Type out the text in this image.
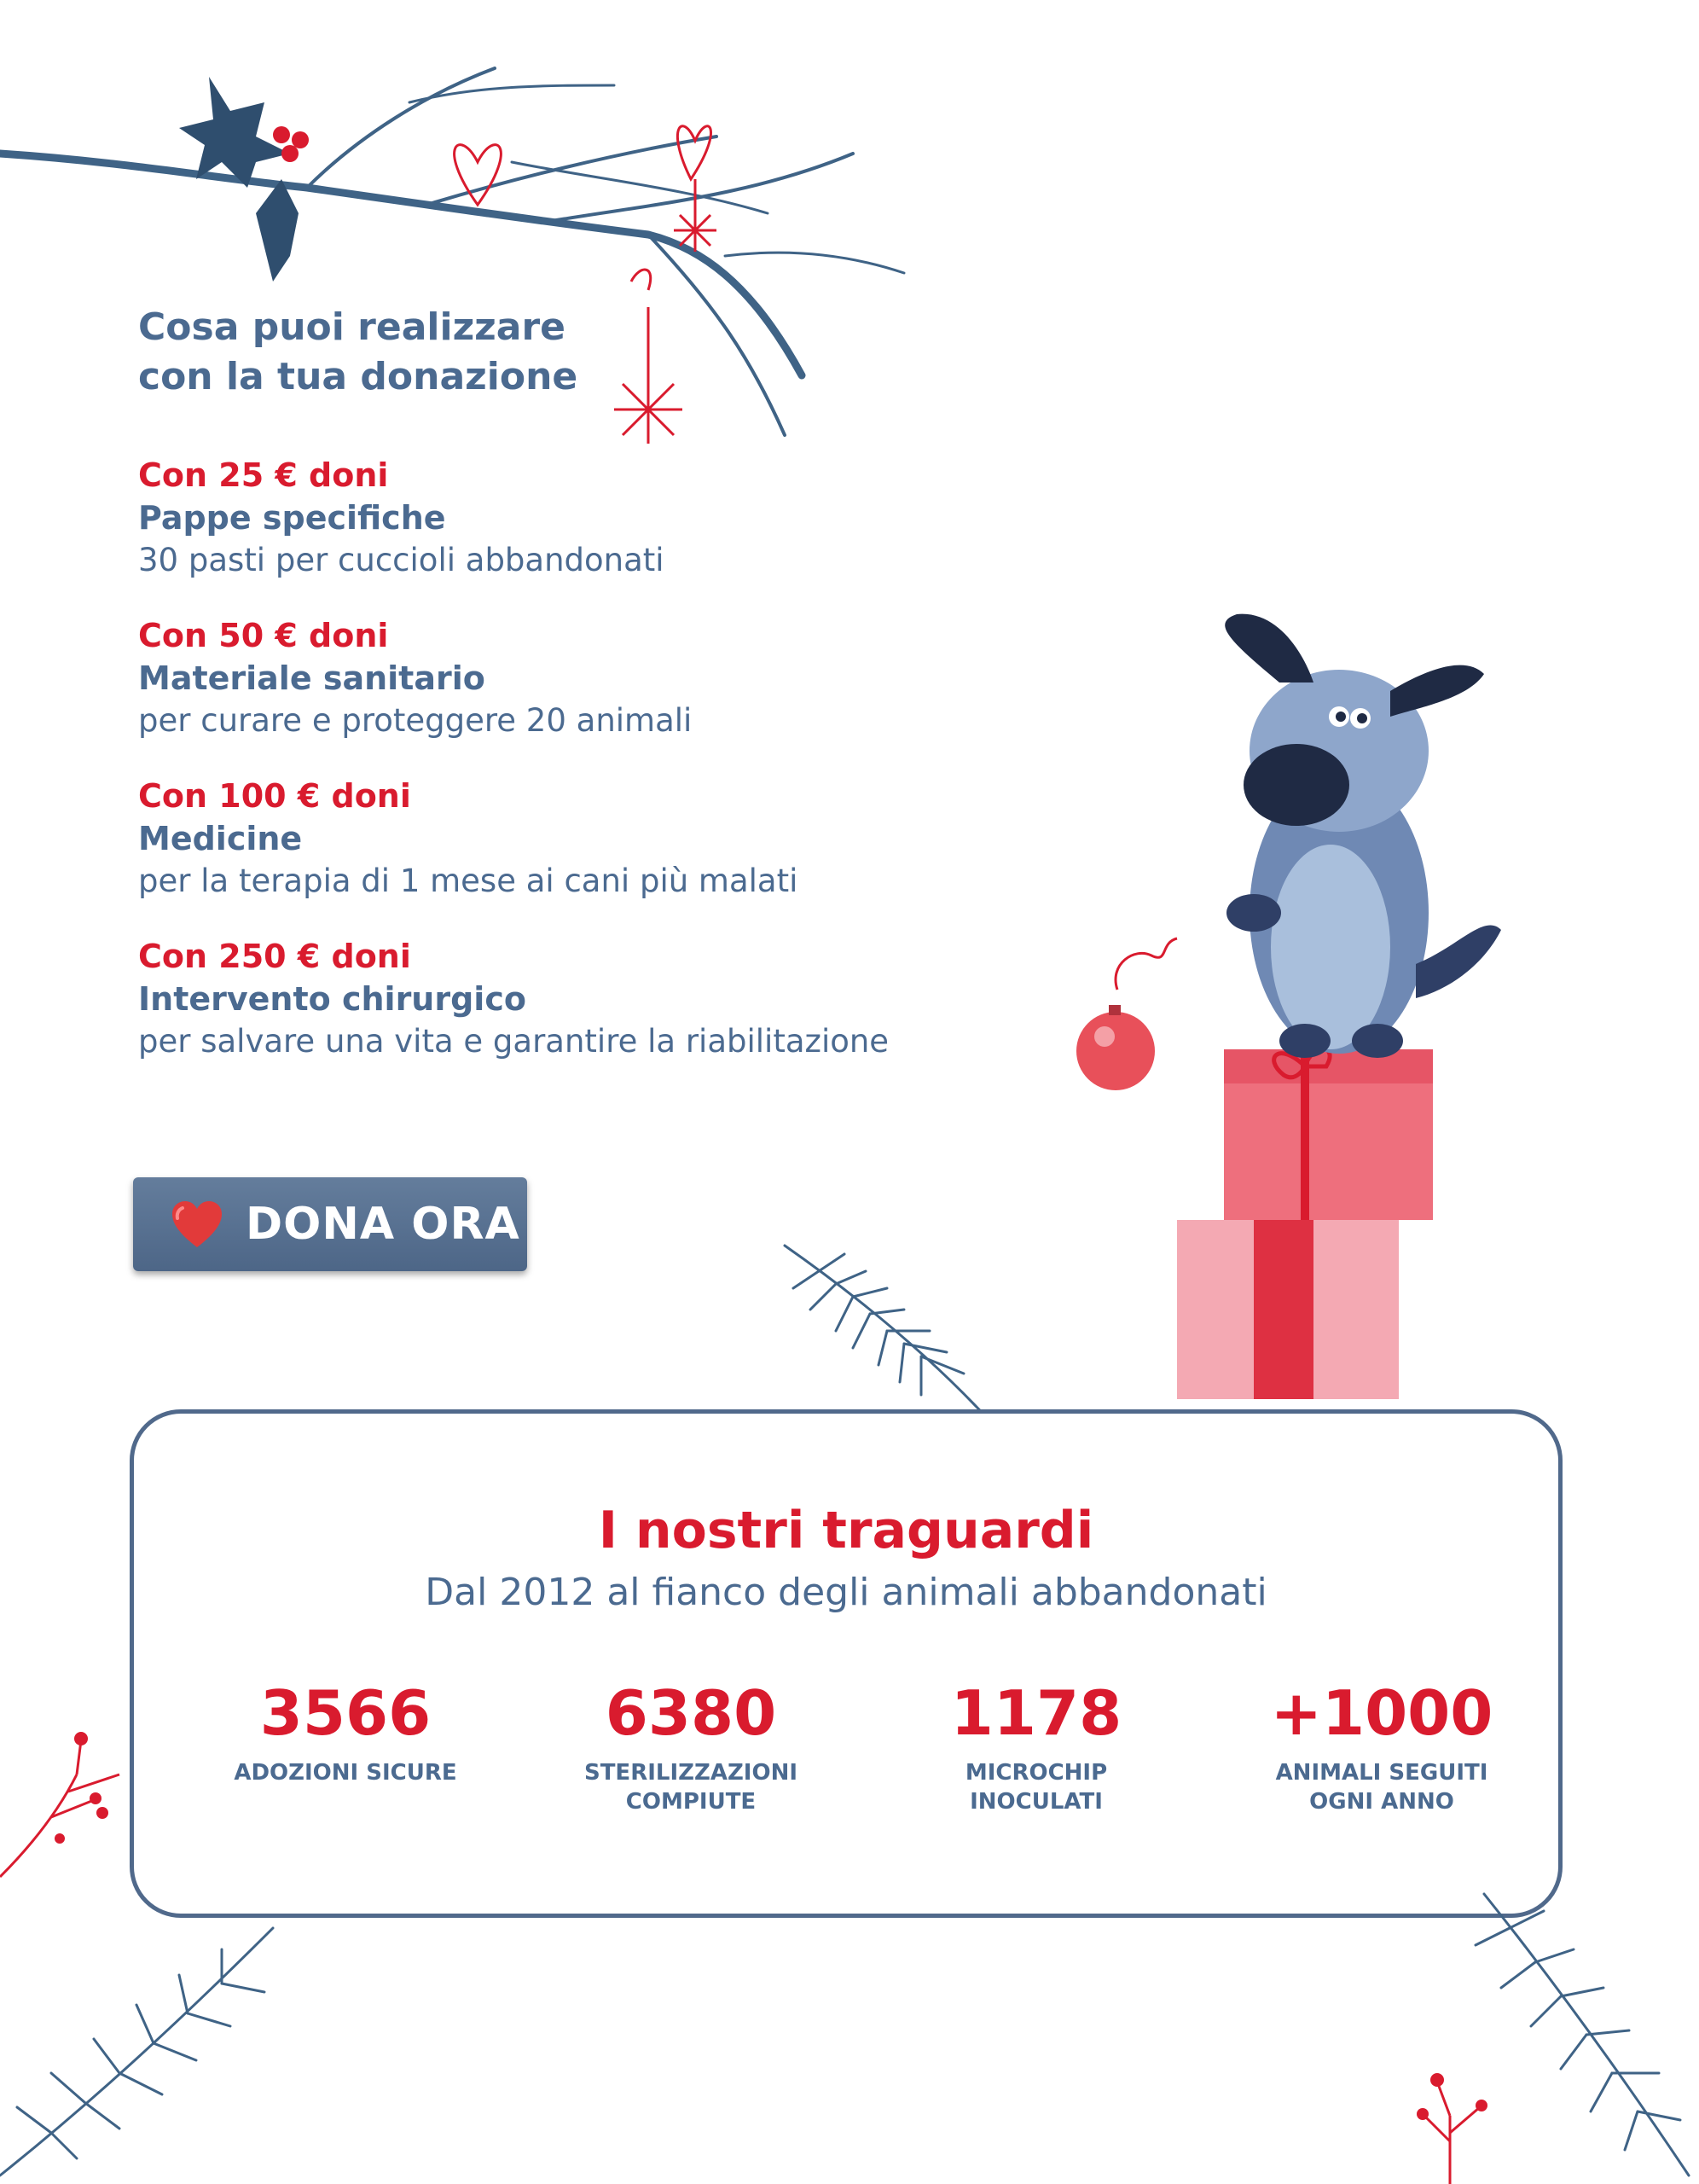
Cosa puoi realizzare
con la tua donazione
Con 25 € doni
Pappe specifiche
30 pasti per cuccioli abbandonati
Con 50 € doni
Materiale sanitario
per curare e proteggere 20 animali
Con 100 € doni
Medicine
per la terapia di 1 mese ai cani più malati
Con 250 € doni
Intervento chirurgico
per salvare una vita e garantire la riabilitazione
DONA ORA
I nostri traguardi
Dal 2012 al fianco degli animali abbandonati
3566
ADOZIONI SICURE
6380
STERILIZZAZIONI COMPIUTE
1178
MICROCHIP INOCULATI
+1000
ANIMALI SEGUITI OGNI ANNO
